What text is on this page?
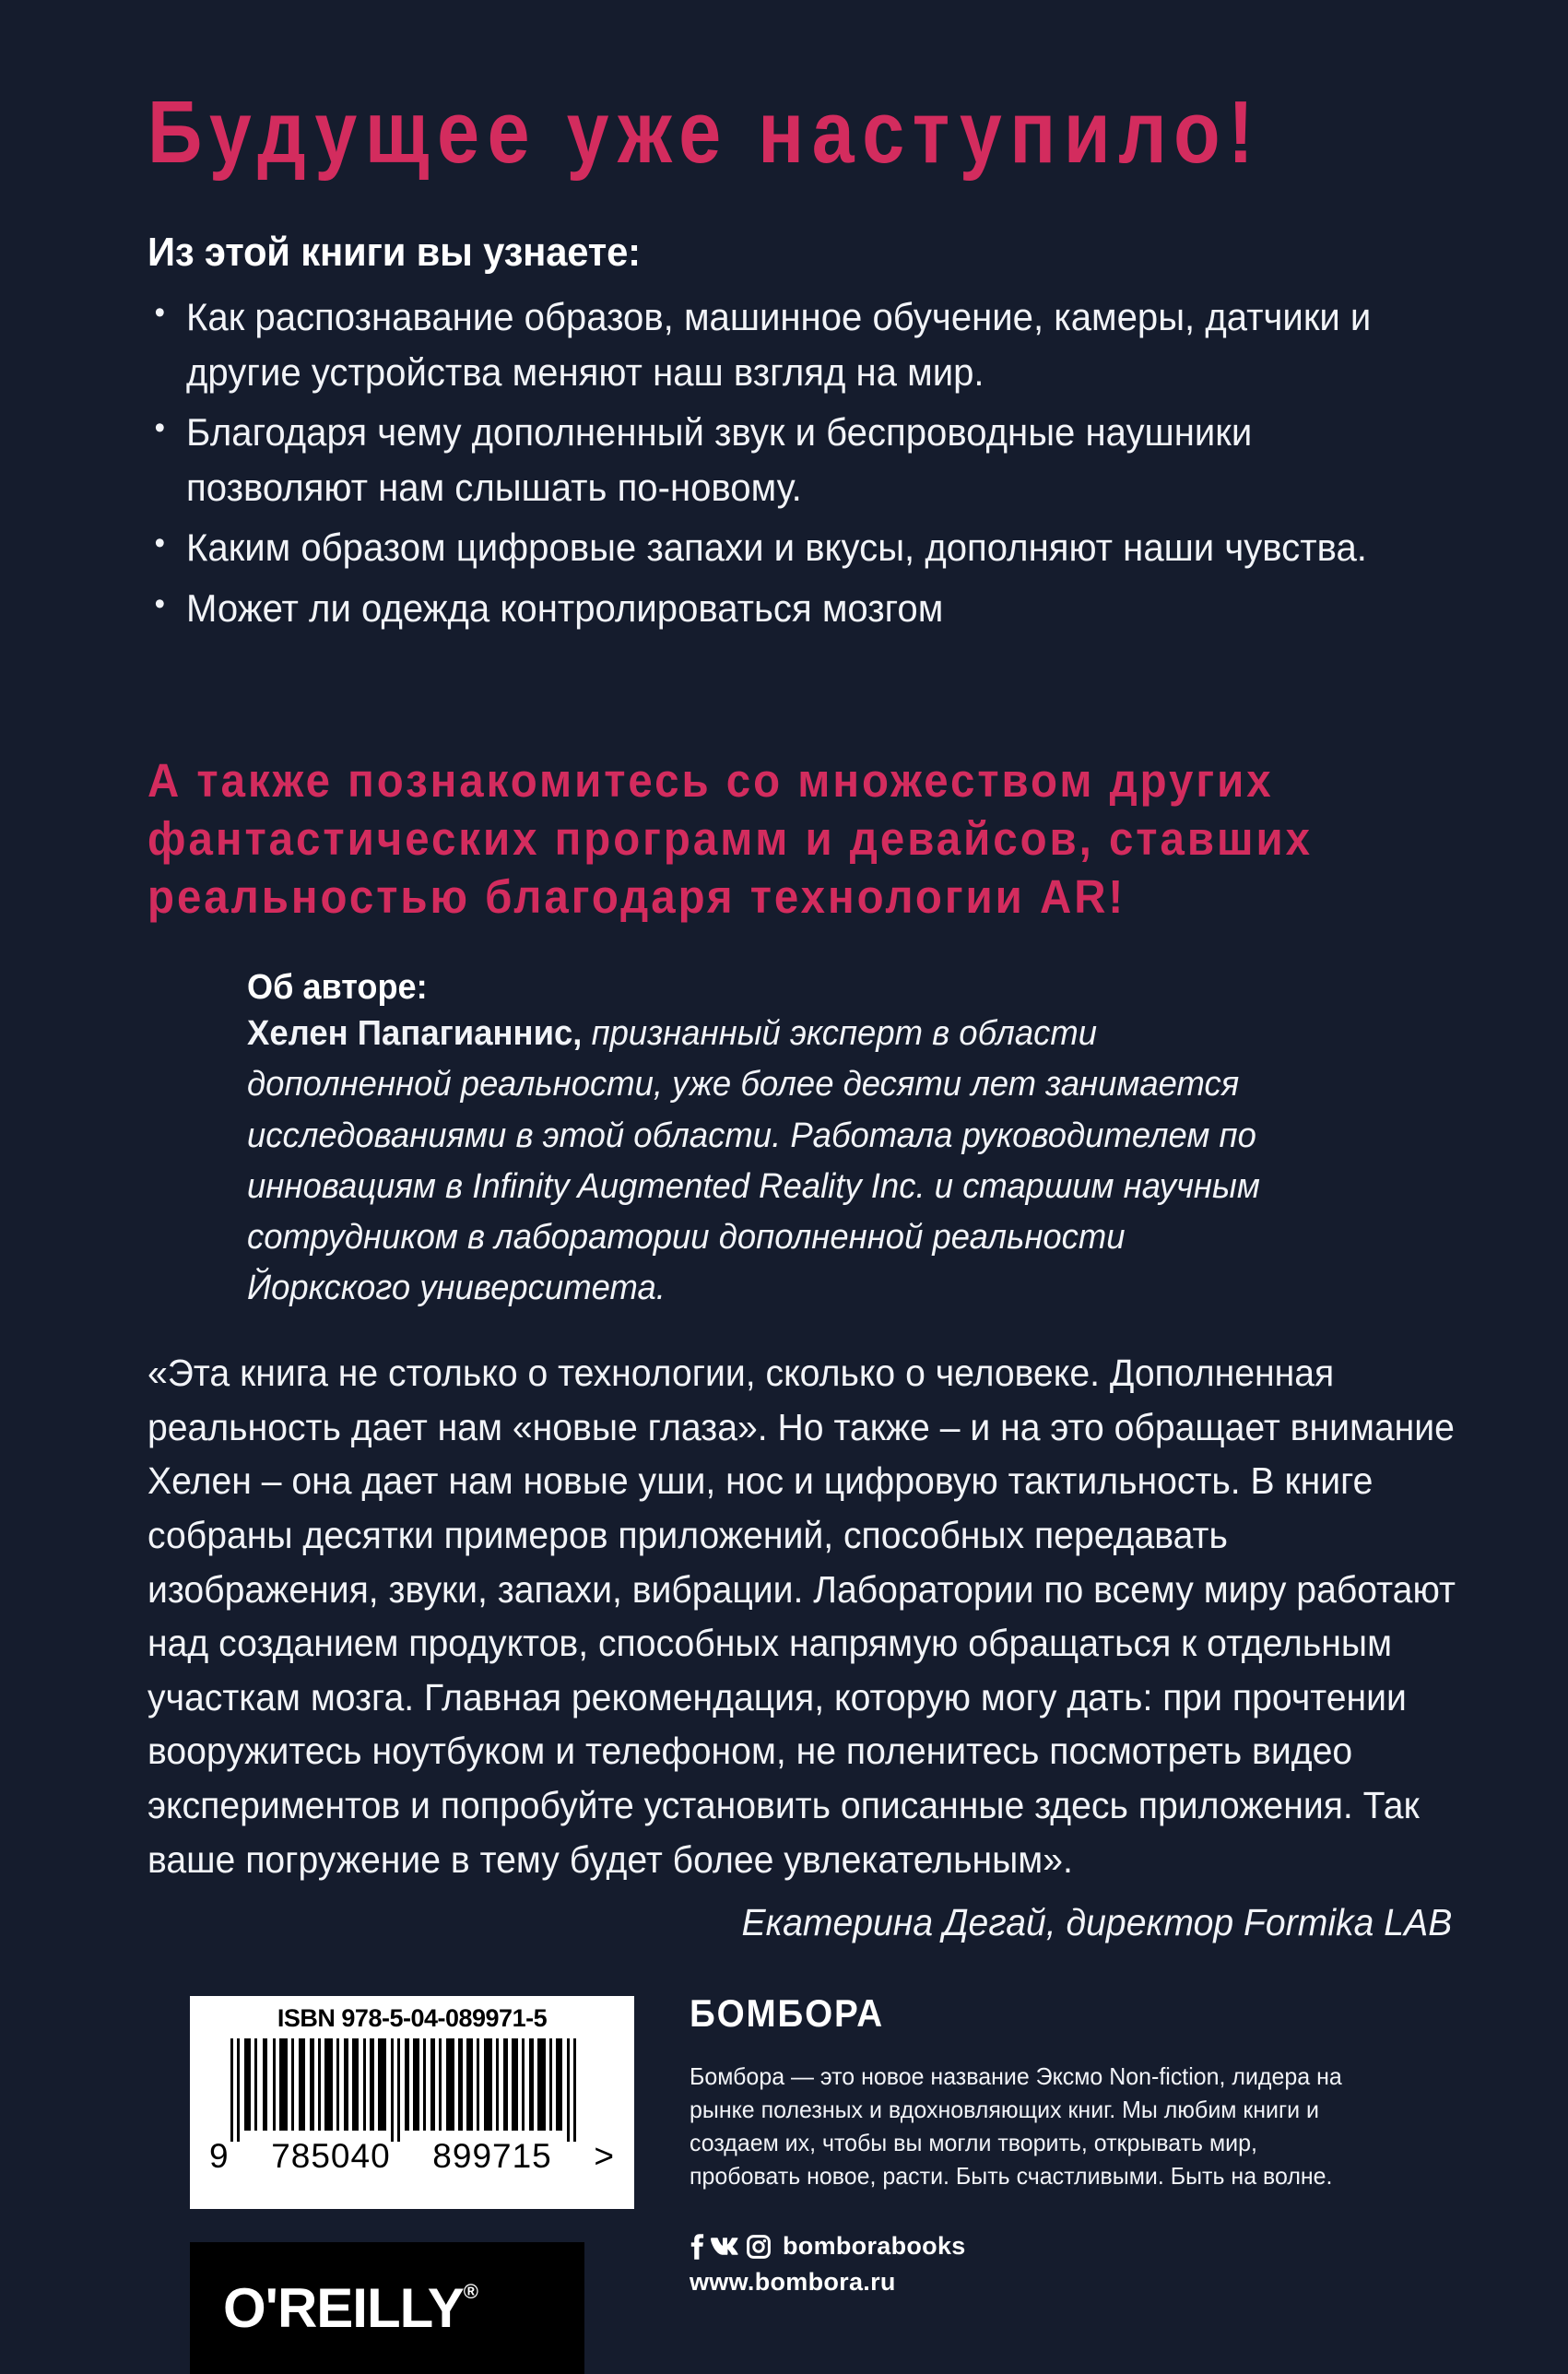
Будущее уже наступило!
Из этой книги вы узнаете:
• Как распознавание образов, машинное обучение, камеры, датчики и другие устройства меняют наш взгляд на мир.
• Благодаря чему дополненный звук и беспроводные наушники позволяют нам слышать по-новому.
• Каким образом цифровые запахи и вкусы, дополняют наши чувства.
• Может ли одежда контролироваться мозгом
А также познакомитесь со множеством других
фантастических программ и девайсов, ставших
реальностью благодаря технологии AR!
Об авторе:
Хелен Папагианнис, признанный эксперт в области дополненной реальности, уже более десяти лет занимается исследованиями в этой области. Работала руководителем по инновациям в Infinity Augmented Reality Inc. и старшим научным сотрудником в лаборатории дополненной реальности Йоркского университета.
«Эта книга не столько о технологии, сколько о человеке. Дополненная реальность дает нам «новые глаза». Но также – и на это обращает внимание Хелен – она дает нам новые уши, нос и цифровую тактильность. В книге собраны десятки примеров приложений, способных передавать изображения, звуки, запахи, вибрации. Лаборатории по всему миру работают над созданием продуктов, способных напрямую обращаться к отдельным участкам мозга. Главная рекомендация, которую могу дать: при прочтении вооружитесь ноутбуком и телефоном, не поленитесь посмотреть видео экспериментов и попробуйте установить описанные здесь приложения. Так ваше погружение в тему будет более увлекательным».
Екатерина Дегай, директор Formika LAB
ISBN 978-5-04-089971-5
9 785040 899715 >
O'REILLY®
БОМБОРА
Бомбора — это новое название Эксмо Non-fiction, лидера на рынке полезных и вдохновляющих книг. Мы любим книги и создаем их, чтобы вы могли творить, открывать мир, пробовать новое, расти. Быть счастливыми. Быть на волне.
bomborabooks
www.bombora.ru
